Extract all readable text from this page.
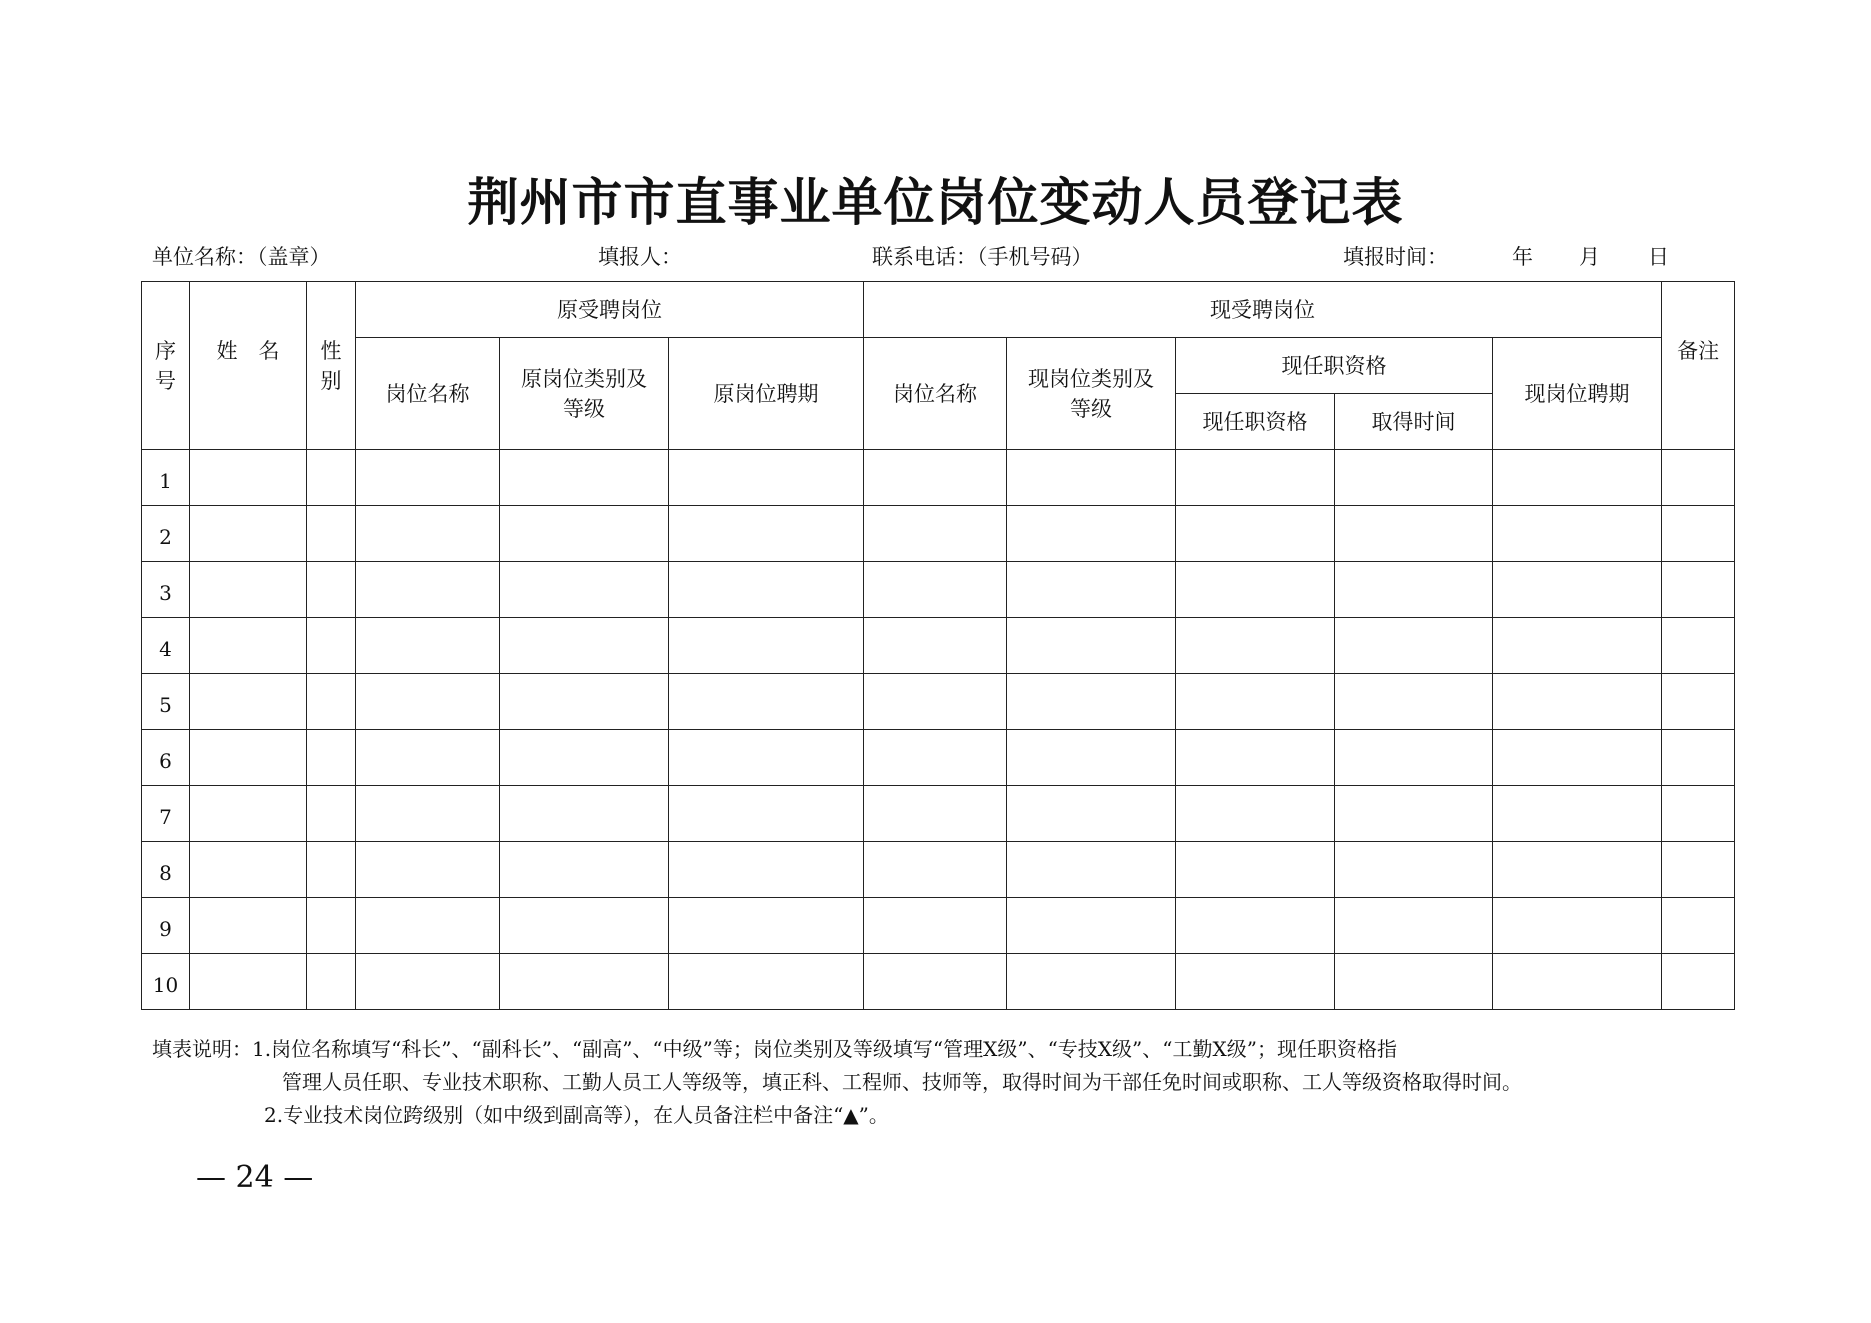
荆州市市直事业单位岗位变动人员登记表
单位名称：（盖章）	填报人：	联系电话：（手机号码）	填报时间：	年 月 日
序号	姓　名	性别	原受聘岗位			现受聘岗位					备注
			岗位名称	原岗位类别及等级	原岗位聘期	岗位名称	现岗位类别及等级	现任职资格		现岗位聘期	
								现任职资格	取得时间		
1											
2											
3											
4											
5											
6											
7											
8											
9											
10											
填表说明：1.岗位名称填写“科长”、“副科长”、“副高”、“中级”等；岗位类别及等级填写“管理Ⅹ级”、“专技Ⅹ级”、“工勤Ⅹ级”；现任职资格指
管理人员任职、专业技术职称、工勤人员工人等级等，填正科、工程师、技师等，取得时间为干部任免时间或职称、工人等级资格取得时间。
2.专业技术岗位跨级别（如中级到副高等），在人员备注栏中备注“▲”。
— 24 —
